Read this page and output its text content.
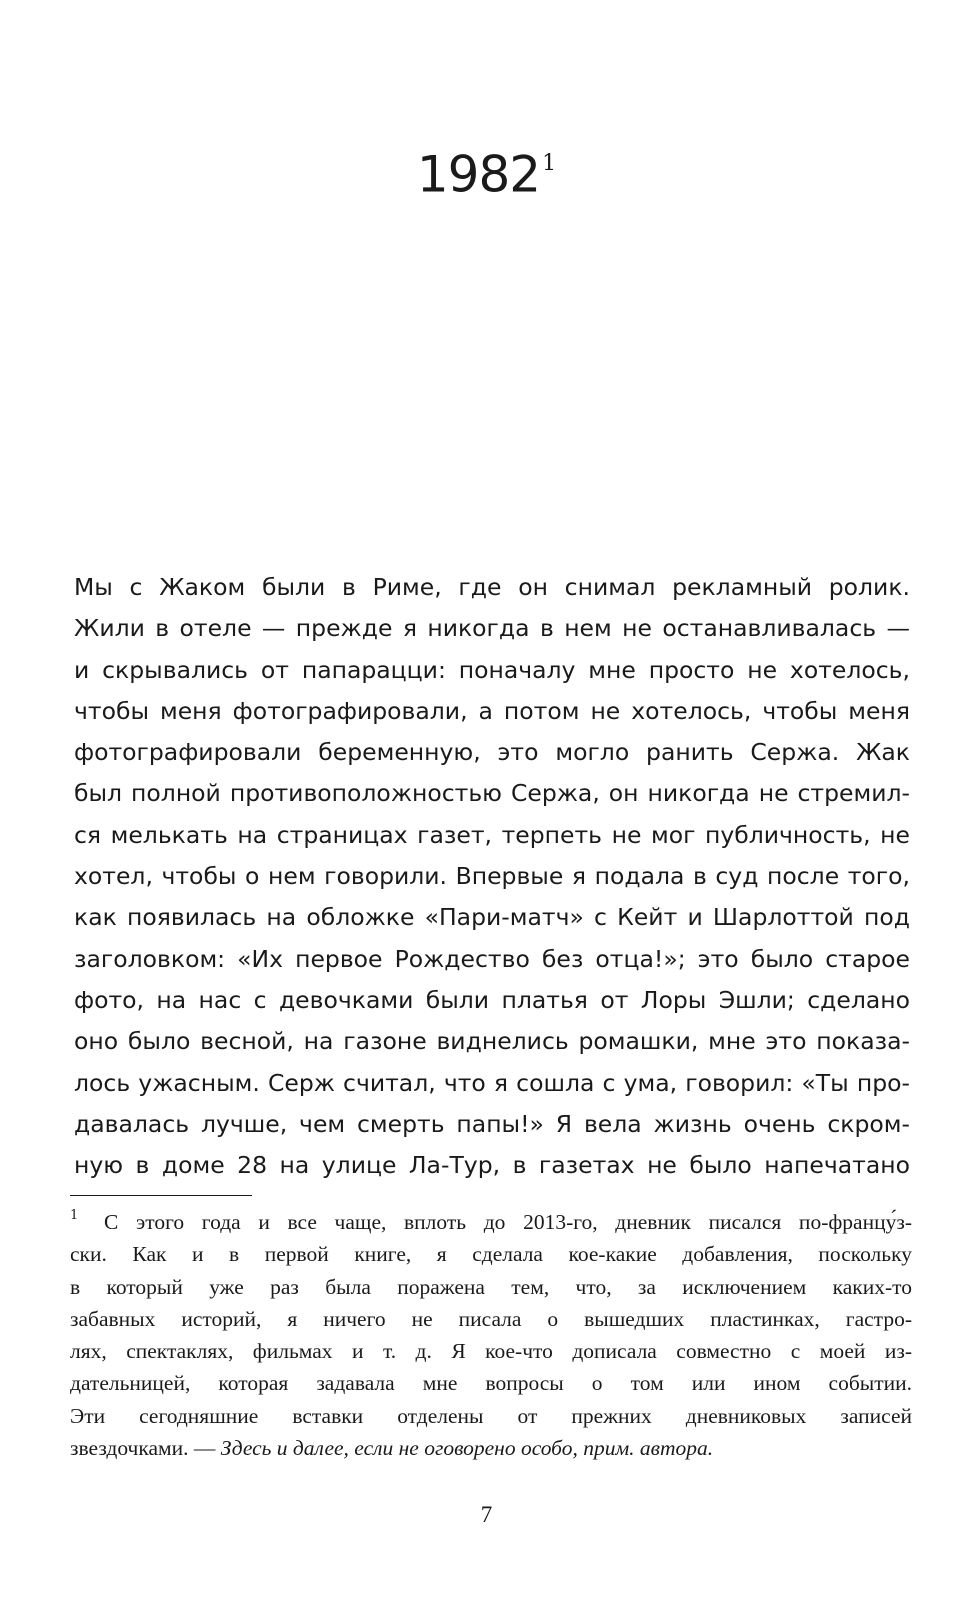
1982$^1$
Мы с Жаком были в Риме, где он снимал рекламный ролик.
Жили в отеле — прежде я никогда в нем не останавливалась —
и скрывались от папарацци: поначалу мне просто не хотелось,
чтобы меня фотографировали, а потом не хотелось, чтобы меня
фотографировали беременную, это могло ранить Сержа. Жак
был полной противоположностью Сержа, он никогда не стремил-
ся мелькать на страницах газет, терпеть не мог публичность, не
хотел, чтобы о нем говорили. Впервые я подала в суд после того,
как появилась на обложке «Пари-матч» с Кейт и Шарлоттой под
заголовком: «Их первое Рождество без отца!»; это было старое
фото, на нас с девочками были платья от Лоры Эшли; сделано
оно было весной, на газоне виднелись ромашки, мне это показа-
лось ужасным. Серж считал, что я сошла с ума, говорил: «Ты про-
давалась лучше, чем смерть папы!» Я вела жизнь очень скром-
ную в доме 28 на улице Ла-Тур, в газетах не было напечатано
1	С этого года и все чаще, вплоть до 2013-го, дневник писался по-францу́з-
ски. Как и в первой книге, я сделала кое-какие добавления, поскольку
в который уже раз была поражена тем, что, за исключением каких-то
забавных историй, я ничего не писала о вышедших пластинках, гастро-
лях, спектаклях, фильмах и т. д. Я кое-что дописала совместно с моей из-
дательницей, которая задавала мне вопросы о том или ином событии.
Эти сегодняшние вставки отделены от прежних дневниковых записей
звездочками. — Здесь и далее, если не оговорено особо, прим. автора.
7
